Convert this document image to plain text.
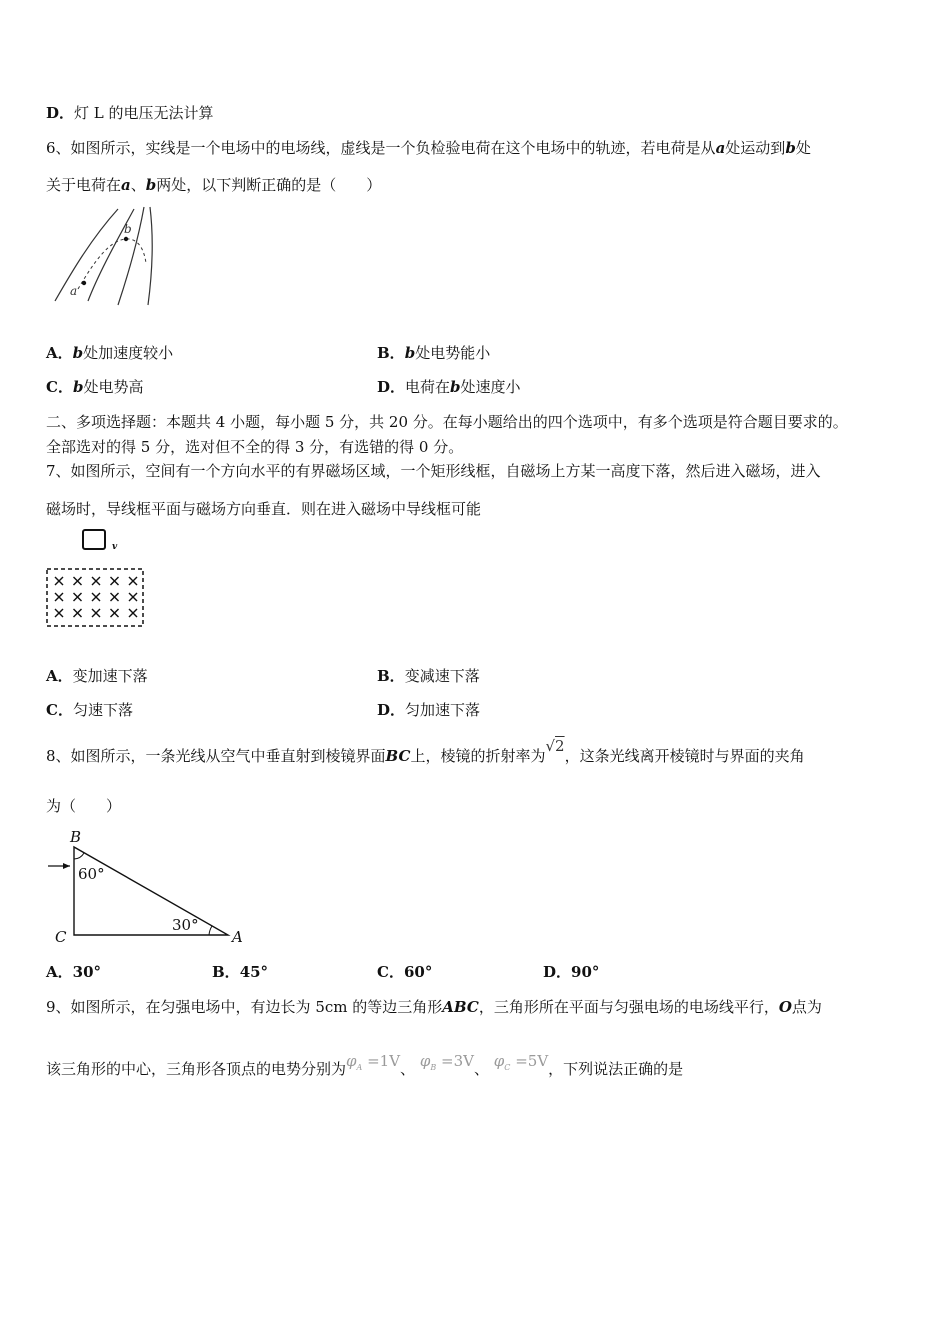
D．灯 L 的电压无法计算
6、如图所示，实线是一个电场中的电场线，虚线是一个负检验电荷在这个电场中的轨迹，若电荷是从a处运动到b处
关于电荷在a、b两处，以下判断正确的是（　　）
a
b
A．b处加速度较小	B．b处电势能小
C．b处电势高	D．电荷在b处速度小
二、多项选择题：本题共 4 小题，每小题 5 分，共 20 分。在每小题给出的四个选项中，有多个选项是符合题目要求的。
全部选对的得 5 分，选对但不全的得 3 分，有选错的得 0 分。
7、如图所示，空间有一个方向水平的有界磁场区域，一个矩形线框，自磁场上方某一高度下落，然后进入磁场，进入
磁场时，导线框平面与磁场方向垂直．则在进入磁场中导线框可能
v
A．变加速下落	B．变减速下落
C．匀速下落	D．匀加速下落
8、如图所示，一条光线从空气中垂直射到棱镜界面BC上，棱镜的折射率为√2，这条光线离开棱镜时与界面的夹角
为（　　）
B
C	A
60°
30°
A．30°	B．45°	C．60°	D．90°
9、如图所示，在匀强电场中，有边长为 5cm 的等边三角形ABC，三角形所在平面与匀强电场的电场线平行，O点为
该三角形的中心，三角形各顶点的电势分别为$\varphi_A =1V$、 $\varphi_B =3V$、 $\varphi_C =5V$，下列说法正确的是
